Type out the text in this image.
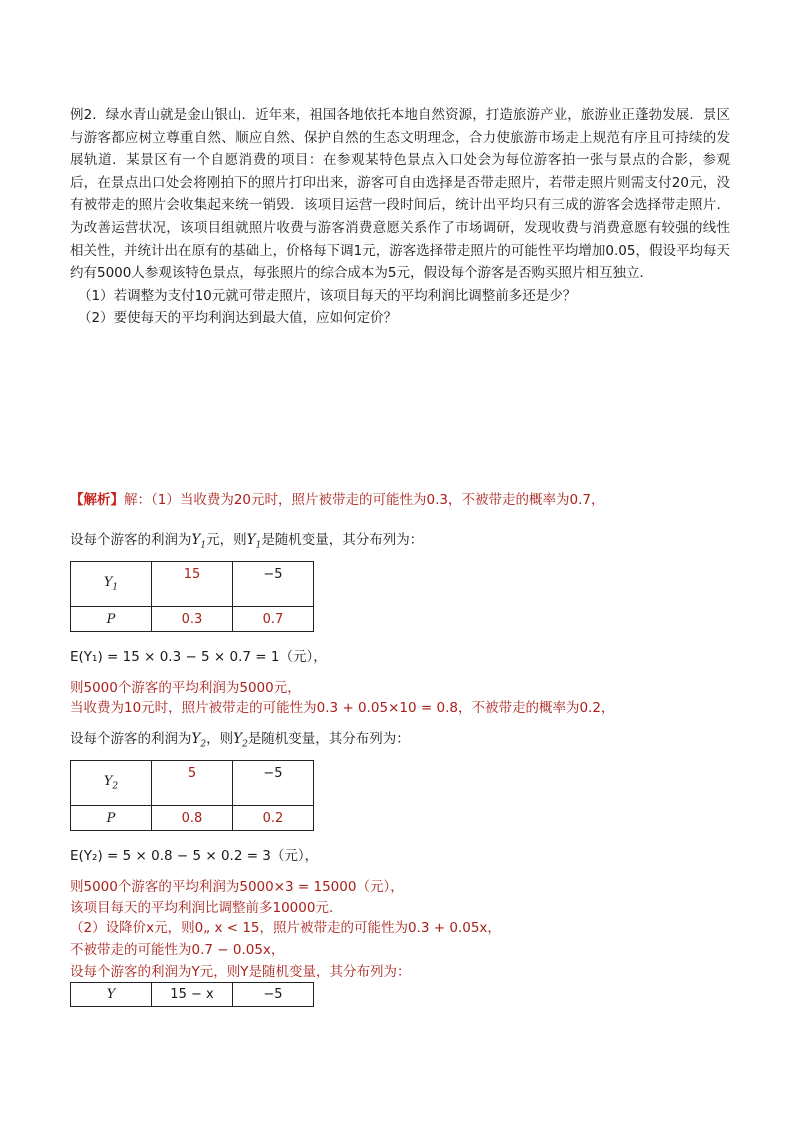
例2．绿水青山就是金山银山．近年来，祖国各地依托本地自然资源，打造旅游产业，旅游业正蓬勃发展．景区与游客都应树立尊重自然、顺应自然、保护自然的生态文明理念，合力使旅游市场走上规范有序且可持续的发展轨道．某景区有一个自愿消费的项目：在参观某特色景点入口处会为每位游客拍一张与景点的合影，参观后，在景点出口处会将刚拍下的照片打印出来，游客可自由选择是否带走照片，若带走照片则需支付20元，没有被带走的照片会收集起来统一销毁．该项目运营一段时间后，统计出平均只有三成的游客会选择带走照片．为改善运营状况，该项目组就照片收费与游客消费意愿关系作了市场调研，发现收费与消费意愿有较强的线性相关性，并统计出在原有的基础上，价格每下调1元，游客选择带走照片的可能性平均增加0.05，假设平均每天约有5000人参观该特色景点，每张照片的综合成本为5元，假设每个游客是否购买照片相互独立．

（1）若调整为支付10元就可带走照片，该项目每天的平均利润比调整前多还是少？

（2）要使每天的平均利润达到最大值，应如何定价？

【解析】解：（1）当收费为20元时，照片被带走的可能性为0.3，不被带走的概率为0.7，
设每个游客的利润为$Y_1$元，则$Y_1$是随机变量，其分布列为：
$Y_1$	15	−5
P	0.3	0.7
E(Y₁) = 15 × 0.3 − 5 × 0.7 = 1（元），
则5000个游客的平均利润为5000元，
当收费为10元时，照片被带走的可能性为0.3 + 0.05×10 = 0.8，不被带走的概率为0.2，
设每个游客的利润为$Y_2$，则$Y_2$是随机变量，其分布列为：
$Y_2$	5	−5
P	0.8	0.2
E(Y₂) = 5 × 0.8 − 5 × 0.2 = 3（元），
则5000个游客的平均利润为5000×3 = 15000（元），
该项目每天的平均利润比调整前多10000元．
（2）设降价x元，则0„ x < 15，照片被带走的可能性为0.3 + 0.05x，
不被带走的可能性为0.7 − 0.05x，
设每个游客的利润为Y元，则Y是随机变量，其分布列为：
Y	15 − x	−5
